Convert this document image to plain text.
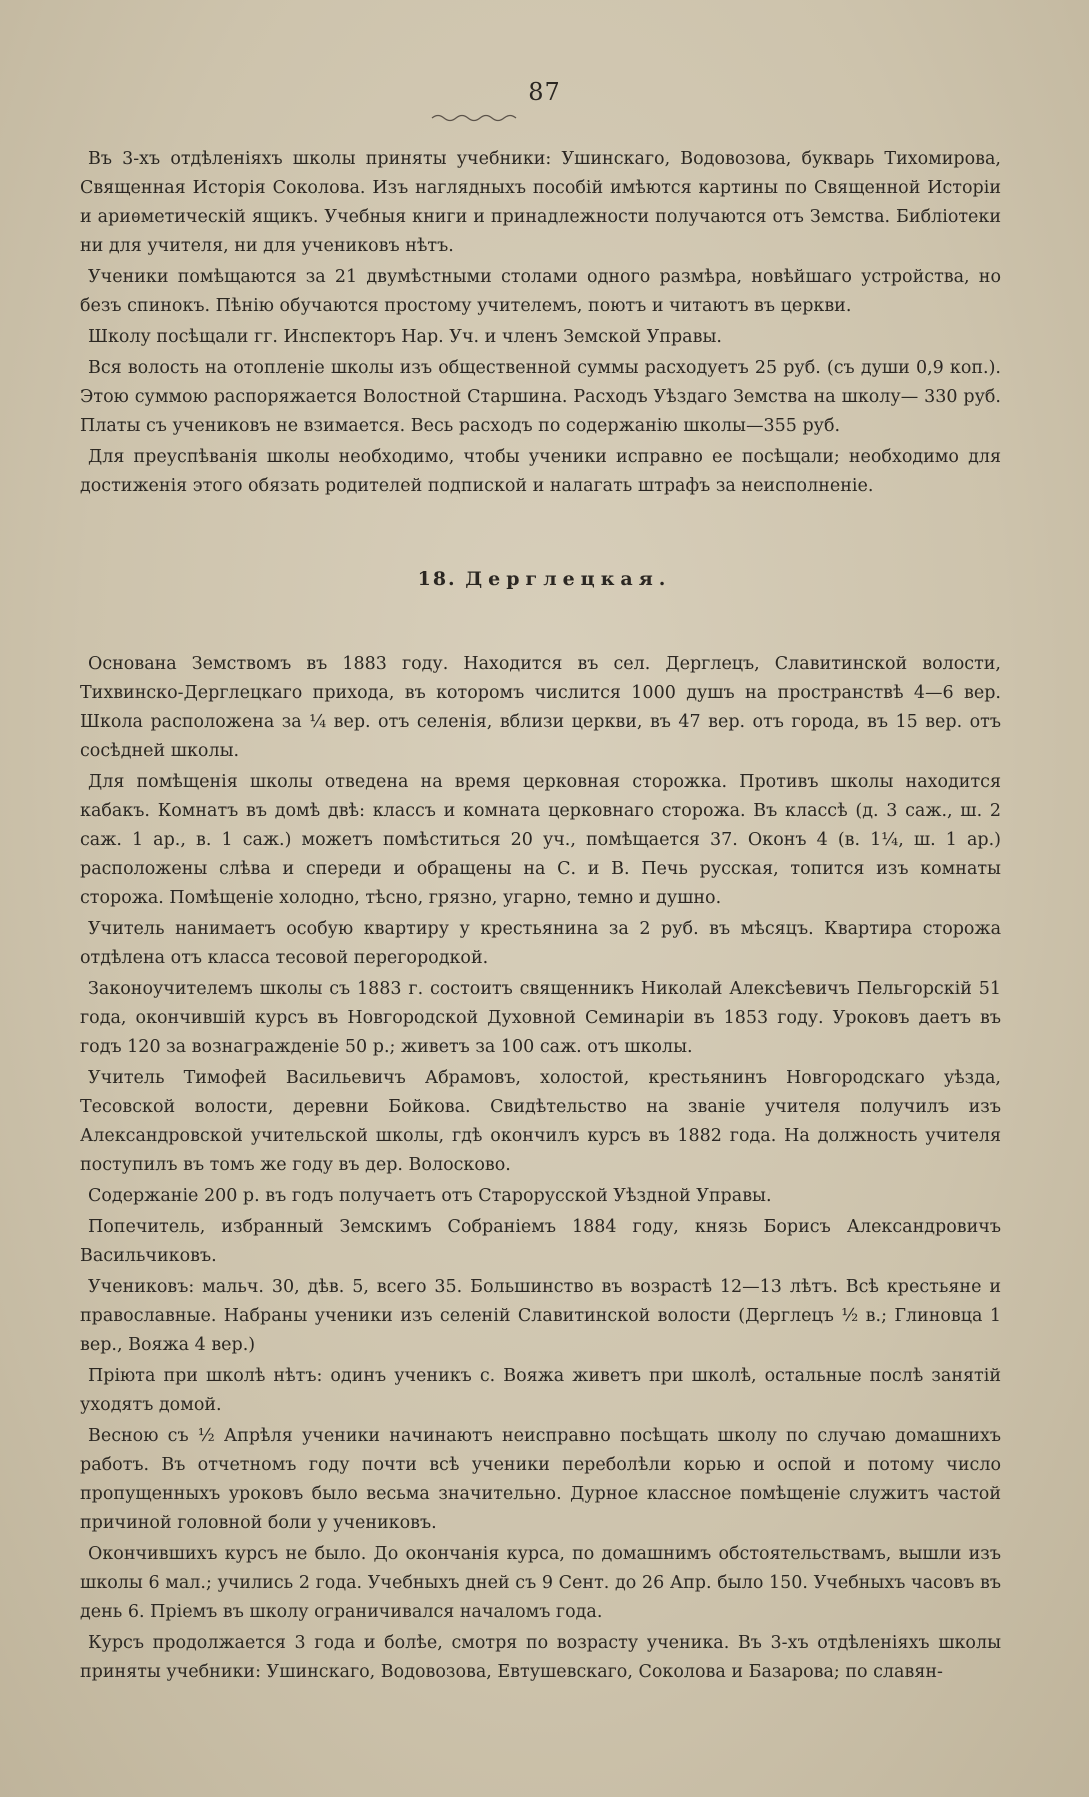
87

Въ 3-хъ отдѣленіяхъ школы приняты учебники: Ушинскаго, Водовозова, букварь Тихомирова, Священная Исторія Соколова. Изъ наглядныхъ пособій имѣются картины по Священной Исторіи и ариѳметическій ящикъ. Учебныя книги и принадлежности получаются отъ Земства. Библіотеки ни для учителя, ни для учениковъ нѣтъ.

Ученики помѣщаются за 21 двумѣстными столами одного размѣра, новѣйшаго устройства, но безъ спинокъ. Пѣнію обучаются простому учителемъ, поютъ и читаютъ въ церкви.

Школу посѣщали гг. Инспекторъ Нар. Уч. и членъ Земской Управы.

Вся волость на отопленіе школы изъ общественной суммы расходуетъ 25 руб. (съ души 0,9 коп.). Этою суммою распоряжается Волостной Старшина. Расходъ Уѣздаго Земства на школу— 330 руб. Платы съ учениковъ не взимается. Весь расходъ по содержанію школы—355 руб.

Для преуспѣванія школы необходимо, чтобы ученики исправно ее посѣщали; необходимо для достиженія этого обязать родителей подпиской и налагать штрафъ за неисполненіе.

18. Дерглецкая.

Основана Земствомъ въ 1883 году. Находится въ сел. Дерглецъ, Славитинской волости, Тихвинско-Дерглецкаго прихода, въ которомъ числится 1000 душъ на пространствѣ 4—6 вер. Школа расположена за ¼ вер. отъ селенія, вблизи церкви, въ 47 вер. отъ города, въ 15 вер. отъ сосѣдней школы.

Для помѣщенія школы отведена на время церковная сторожка. Противъ школы находится кабакъ. Комнатъ въ домѣ двѣ: классъ и комната церковнаго сторожа. Въ классѣ (д. 3 саж., ш. 2 саж. 1 ар., в. 1 саж.) можетъ помѣститься 20 уч., помѣщается 37. Оконъ 4 (в. 1¼, ш. 1 ар.) расположены слѣва и спереди и обращены на С. и В. Печь русская, топится изъ комнаты сторожа. Помѣщеніе холодно, тѣсно, грязно, угарно, темно и душно.

Учитель нанимаетъ особую квартиру у крестьянина за 2 руб. въ мѣсяцъ. Квартира сторожа отдѣлена отъ класса тесовой перегородкой.

Законоучителемъ школы съ 1883 г. состоитъ священникъ Николай Алексѣевичъ Пельгорскій 51 года, окончившій курсъ въ Новгородской Духовной Семинаріи въ 1853 году. Уроковъ даетъ въ годъ 120 за вознагражденіе 50 р.; живетъ за 100 саж. отъ школы.

Учитель Тимофей Васильевичъ Абрамовъ, холостой, крестьянинъ Новгородскаго уѣзда, Тесовской волости, деревни Бойкова. Свидѣтельство на званіе учителя получилъ изъ Александровской учительской школы, гдѣ окончилъ курсъ въ 1882 года. На должность учителя поступилъ въ томъ же году въ дер. Волосково.

Содержаніе 200 р. въ годъ получаетъ отъ Старорусской Уѣздной Управы.

Попечитель, избранный Земскимъ Собраніемъ 1884 году, князь Борисъ Александровичъ Васильчиковъ.

Учениковъ: мальч. 30, дѣв. 5, всего 35. Большинство въ возрастѣ 12—13 лѣтъ. Всѣ крестьяне и православные. Набраны ученики изъ селеній Славитинской волости (Дерглецъ ½ в.; Глиновца 1 вер., Вояжа 4 вер.)

Пріюта при школѣ нѣтъ: одинъ ученикъ с. Вояжа живетъ при школѣ, остальные послѣ занятій уходятъ домой.

Весною съ ½ Апрѣля ученики начинаютъ неисправно посѣщать школу по случаю домашнихъ работъ. Въ отчетномъ году почти всѣ ученики переболѣли корью и оспой и потому число пропущенныхъ уроковъ было весьма значительно. Дурное классное помѣщеніе служитъ частой причиной головной боли у учениковъ.

Окончившихъ курсъ не было. До окончанія курса, по домашнимъ обстоятельствамъ, вышли изъ школы 6 мал.; учились 2 года. Учебныхъ дней съ 9 Сент. до 26 Апр. было 150. Учебныхъ часовъ въ день 6. Пріемъ въ школу ограничивался началомъ года.

Курсъ продолжается 3 года и болѣе, смотря по возрасту ученика. Въ 3-хъ отдѣленіяхъ школы приняты учебники: Ушинскаго, Водовозова, Евтушевскаго, Соколова и Базарова; по славян-
